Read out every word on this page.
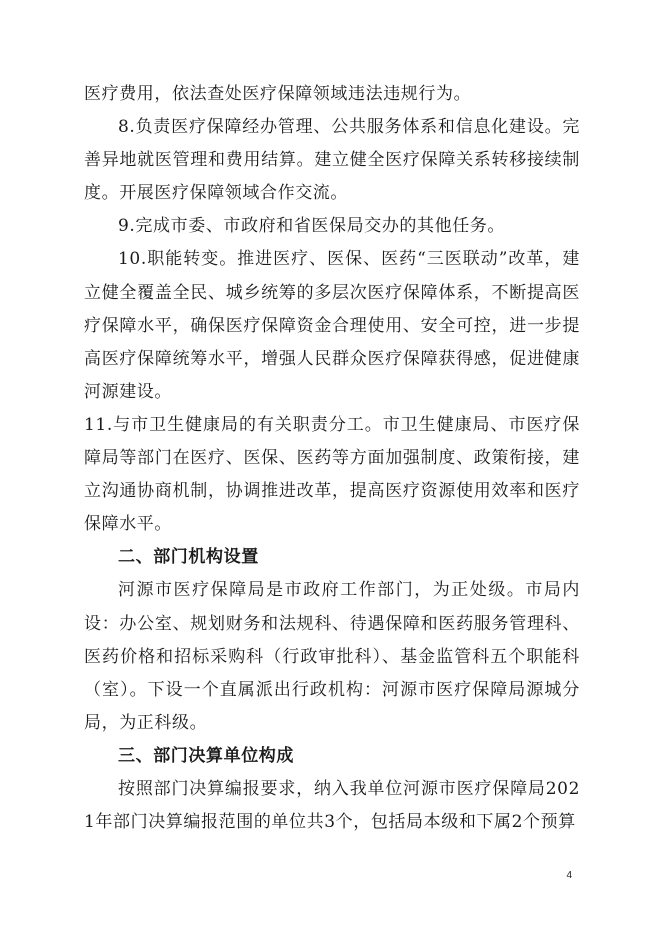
医疗费用，依法查处医疗保障领域违法违规行为。

8.负责医疗保障经办管理、公共服务体系和信息化建设。完善异地就医管理和费用结算。建立健全医疗保障关系转移接续制度。开展医疗保障领域合作交流。

9.完成市委、市政府和省医保局交办的其他任务。

10.职能转变。推进医疗、医保、医药“三医联动”改革，建立健全覆盖全民、城乡统筹的多层次医疗保障体系，不断提高医疗保障水平，确保医疗保障资金合理使用、安全可控，进一步提高医疗保障统筹水平，增强人民群众医疗保障获得感，促进健康河源建设。

11.与市卫生健康局的有关职责分工。市卫生健康局、市医疗保障局等部门在医疗、医保、医药等方面加强制度、政策衔接，建立沟通协商机制，协调推进改革，提高医疗资源使用效率和医疗保障水平。

二、部门机构设置

河源市医疗保障局是市政府工作部门，为正处级。市局内设：办公室、规划财务和法规科、待遇保障和医药服务管理科、医药价格和招标采购科（行政审批科）、基金监管科五个职能科（室）。下设一个直属派出行政机构：河源市医疗保障局源城分局，为正科级。

三、部门决算单位构成

按照部门决算编报要求，纳入我单位河源市医疗保障局2021年部门决算编报范围的单位共3个，包括局本级和下属2个预算

4
